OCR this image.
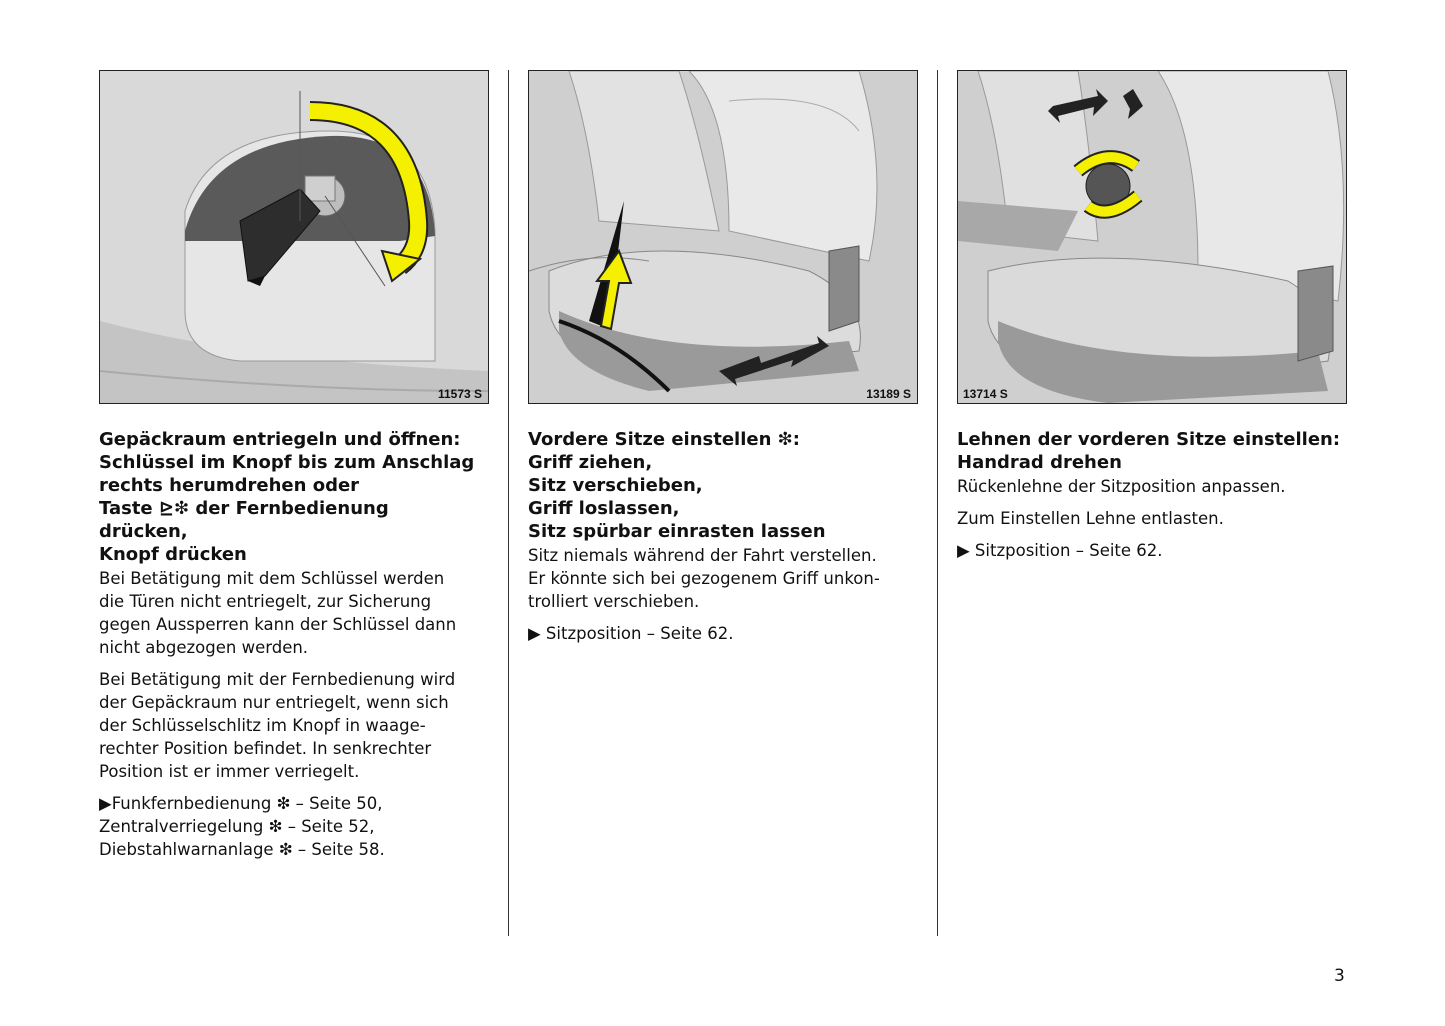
11573 S
Gepäckraum entriegeln und öffnen:
Schlüssel im Knopf bis zum Anschlag
rechts herumdrehen oder
Taste ⊵❇ der Fernbedienung
drücken,
Knopf drücken

Bei Betätigung mit dem Schlüssel werden
die Türen nicht entriegelt, zur Sicherung
gegen Aussperren kann der Schlüssel dann
nicht abgezogen werden.

Bei Betätigung mit der Fernbedienung wird
der Gepäckraum nur entriegelt, wenn sich
der Schlüsselschlitz im Knopf in waage-
rechter Position befindet. In senkrechter
Position ist er immer verriegelt.

▶Funkfernbedienung ❇ – Seite 50,
Zentralverriegelung ❇ – Seite 52,
Diebstahlwarnanlage ❇ – Seite 58.

13189 S
Vordere Sitze einstellen ❇:
Griff ziehen,
Sitz verschieben,
Griff loslassen,
Sitz spürbar einrasten lassen

Sitz niemals während der Fahrt verstellen.
Er könnte sich bei gezogenem Griff unkon-
trolliert verschieben.

▶ Sitzposition – Seite 62.

13714 S
Lehnen der vorderen Sitze einstellen:
Handrad drehen

Rückenlehne der Sitzposition anpassen.

Zum Einstellen Lehne entlasten.

▶ Sitzposition – Seite 62.

3
